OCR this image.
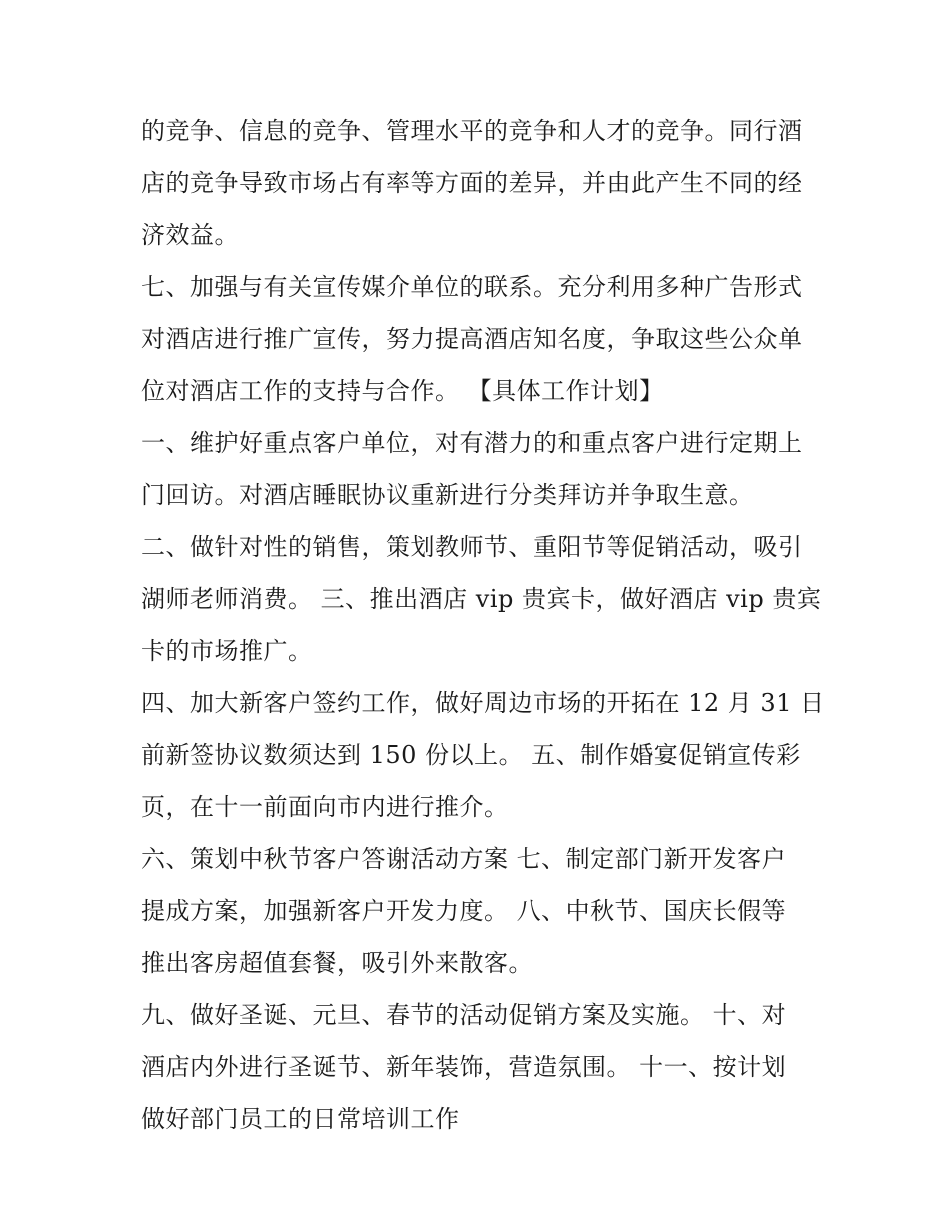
的竞争、信息的竞争、管理水平的竞争和人才的竞争。同行酒
店的竞争导致市场占有率等方面的差异，并由此产生不同的经
济效益。
七、加强与有关宣传媒介单位的联系。充分利用多种广告形式
对酒店进行推广宣传，努力提高酒店知名度，争取这些公众单
位对酒店工作的支持与合作。 【具体工作计划】
一、维护好重点客户单位，对有潜力的和重点客户进行定期上
门回访。对酒店睡眠协议重新进行分类拜访并争取生意。
二、做针对性的销售，策划教师节、重阳节等促销活动，吸引
湖师老师消费。 三、推出酒店 vip 贵宾卡，做好酒店 vip 贵宾
卡的市场推广。
四、加大新客户签约工作，做好周边市场的开拓在 12 月 31 日
前新签协议数须达到 150 份以上。 五、制作婚宴促销宣传彩
页，在十一前面向市内进行推介。
六、策划中秋节客户答谢活动方案 七、制定部门新开发客户
提成方案，加强新客户开发力度。 八、中秋节、国庆长假等
推出客房超值套餐，吸引外来散客。
九、做好圣诞、元旦、春节的活动促销方案及实施。 十、对
酒店内外进行圣诞节、新年装饰，营造氛围。 十一、按计划
做好部门员工的日常培训工作
